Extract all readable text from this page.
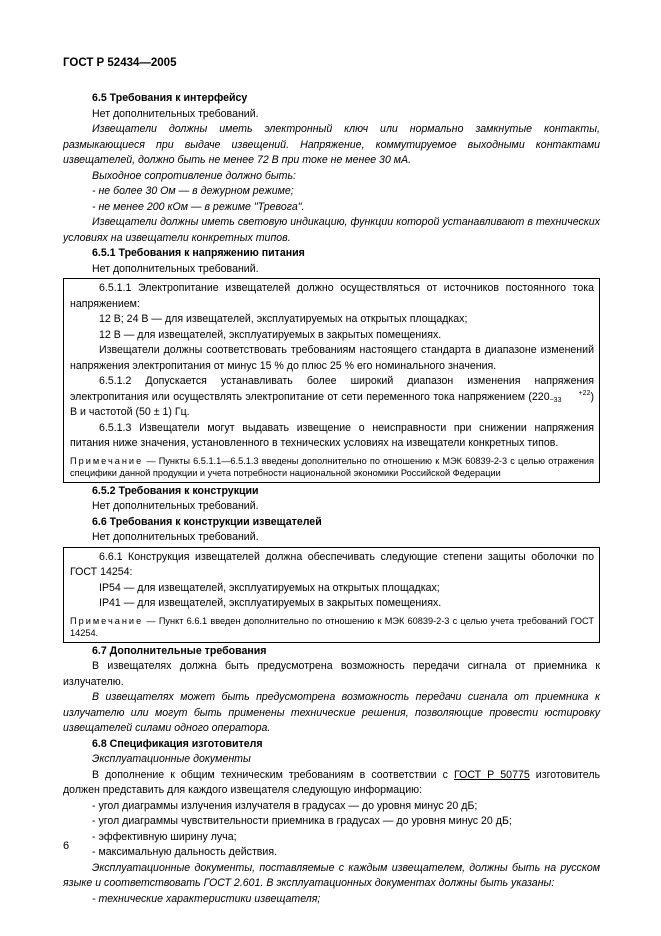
ГОСТ Р 52434—2005

6.5 Требования к интерфейсу

Нет дополнительных требований.

Извещатели должны иметь электронный ключ или нормально замкнутые контакты, размыкающиеся при выдаче извещений. Напряжение, коммутируемое выходными контактами извещателей, должно быть не менее 72 В при токе не менее 30 мА.

Выходное сопротивление должно быть:

- не более 30 Ом — в дежурном режиме;

- не менее 200 кОм — в режиме "Тревога".

Извещатели должны иметь световую индикацию, функции которой устанавливают в технических условиях на извещатели конкретных типов.

6.5.1 Требования к напряжению питания

Нет дополнительных требований.

6.5.1.1 Электропитание извещателей должно осуществляться от источников постоянного тока напряжением:

12 В; 24 В — для извещателей, эксплуатируемых на открытых площадках;

12 В — для извещателей, эксплуатируемых в закрытых помещениях.

Извещатели должны соответствовать требованиям настоящего стандарта в диапазоне изменений напряжения электропитания от минус 15 % до плюс 25 % его номинального значения.

6.5.1.2 Допускается устанавливать более широкий диапазон изменения напряжения электропитания или осуществлять электропитание от сети переменного тока напряжением (220	+22
−33	) В и частотой (50 ± 1) Гц.

6.5.1.3 Извещатели могут выдавать извещение о неисправности при снижении напряжения питания ниже значения, установленного в технических условиях на извещатели конкретных типов.

Примечание — Пункты 6.5.1.1—6.5.1.3 введены дополнительно по отношению к МЭК 60839-2-3 с целью отражения специфики данной продукции и учета потребности национальной экономики Российской Федерации

6.5.2 Требования к конструкции

Нет дополнительных требований.

6.6 Требования к конструкции извещателей

Нет дополнительных требований.

6.6.1 Конструкция извещателей должна обеспечивать следующие степени защиты оболочки по ГОСТ 14254:

IP54 — для извещателей, эксплуатируемых на открытых площадках;

IP41 — для извещателей, эксплуатируемых в закрытых помещениях.

Примечание — Пункт 6.6.1 введен дополнительно по отношению к МЭК 60839-2-3 с целью учета требований ГОСТ 14254.

6.7 Дополнительные требования

В извещателях должна быть предусмотрена возможность передачи сигнала от приемника к излучателю.

В извещателях может быть предусмотрена возможность передачи сигнала от приемника к излучателю или могут быть применены технические решения, позволяющие провести юстировку извещателей силами одного оператора.

6.8 Спецификация изготовителя

Эксплуатационные документы

В дополнение к общим техническим требованиям в соответствии с ГОСТ Р 50775 изготовитель должен представить для каждого извещателя следующую информацию:

- угол диаграммы излучения излучателя в градусах — до уровня минус 20 дБ;

- угол диаграммы чувствительности приемника в градусах — до уровня минус 20 дБ;

- эффективную ширину луча;

- максимальную дальность действия.

Эксплуатационные документы, поставляемые с каждым извещателем, должны быть на русском языке и соответствовать ГОСТ 2.601. В эксплуатационных документах должны быть указаны:

- технические характеристики извещателя;

6
